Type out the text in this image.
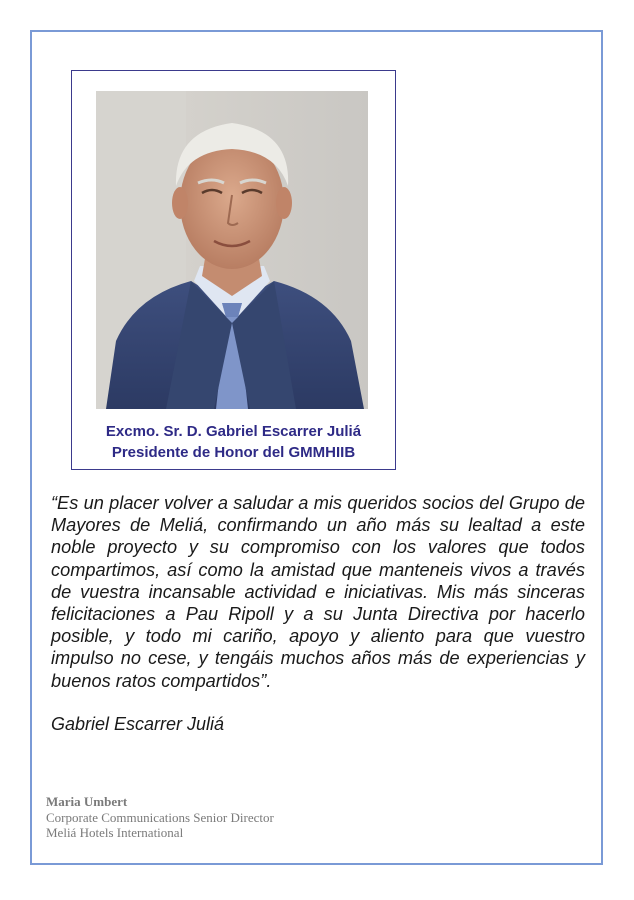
Excmo. Sr. D. Gabriel Escarrer Juliá
Presidente de Honor del GMMHIIB

“Es un placer volver a saludar a mis queridos socios del Grupo de Mayores de Meliá, confirmando un año más su lealtad a este noble proyecto y su compromiso con los valores que todos compartimos, así como la amistad que manteneis vivos a través de vuestra incansable actividad e iniciativas. Mis más sinceras felicitaciones a Pau Ripoll y a su Junta Directiva por hacerlo posible, y todo mi cariño, apoyo y aliento para que vuestro impulso no cese, y tengáis muchos años más de experiencias y buenos ratos compartidos”.

Gabriel Escarrer Juliá
Maria Umbert
Corporate Communications Senior Director
Meliá Hotels International
